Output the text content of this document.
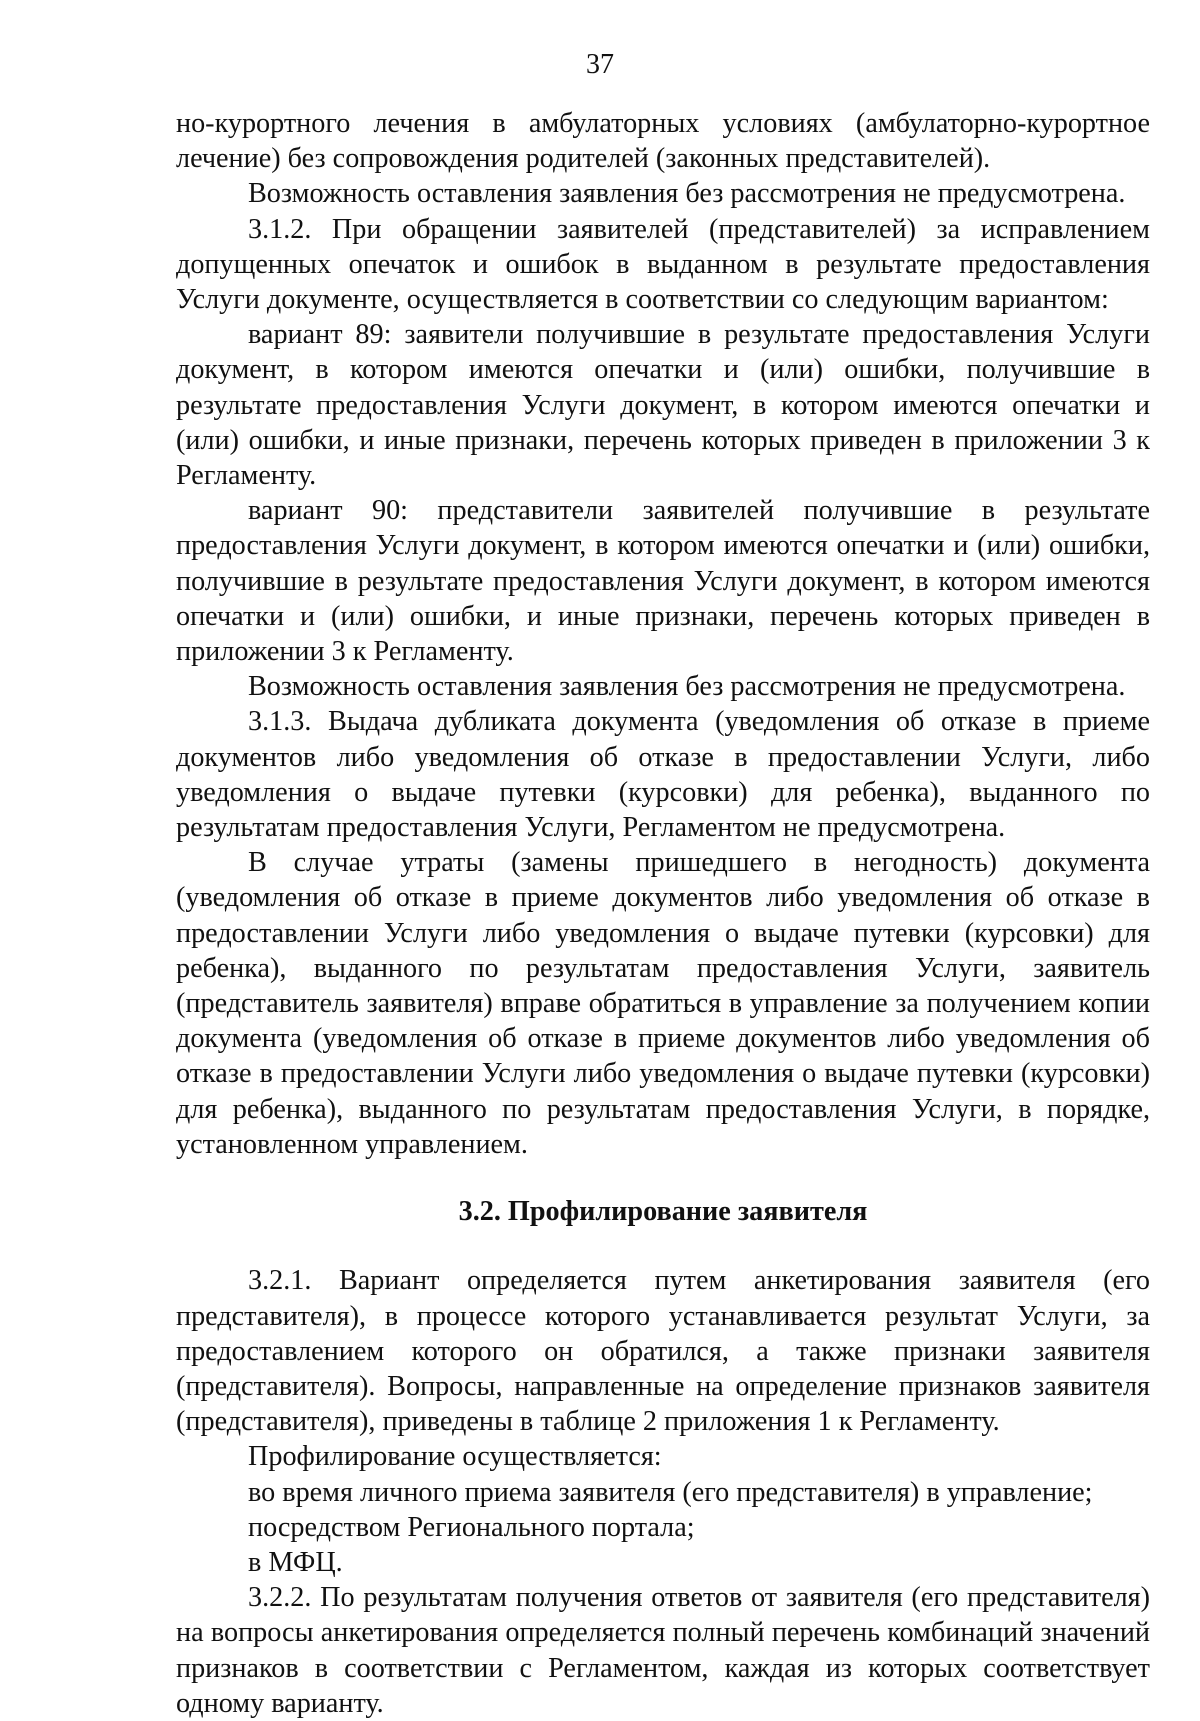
37

но-курортного лечения в амбулаторных условиях (амбулаторно-курортное лечение) без сопровождения родителей (законных представителей).

Возможность оставления заявления без рассмотрения не предусмотрена.

3.1.2. При обращении заявителей (представителей) за исправлением допущенных опечаток и ошибок в выданном в результате предоставления Услуги документе, осуществляется в соответствии со следующим вариантом:

вариант 89: заявители получившие в результате предоставления Услуги документ, в котором имеются опечатки и (или) ошибки, получившие в результате предоставления Услуги документ, в котором имеются опечатки и (или) ошибки, и иные признаки, перечень которых приведен в приложении 3 к Регламенту.

вариант 90: представители заявителей получившие в результате предоставления Услуги документ, в котором имеются опечатки и (или) ошибки, получившие в результате предоставления Услуги документ, в котором имеются опечатки и (или) ошибки, и иные признаки, перечень которых приведен в приложении 3 к Регламенту.

Возможность оставления заявления без рассмотрения не предусмотрена.

3.1.3. Выдача дубликата документа (уведомления об отказе в приеме документов либо уведомления об отказе в предоставлении Услуги, либо уведомления о выдаче путевки (курсовки) для ребенка), выданного по результатам предоставления Услуги, Регламентом не предусмотрена.

В случае утраты (замены пришедшего в негодность) документа (уведомления об отказе в приеме документов либо уведомления об отказе в предоставлении Услуги либо уведомления о выдаче путевки (курсовки) для ребенка), выданного по результатам предоставления Услуги, заявитель (представитель заявителя) вправе обратиться в управление за получением копии документа (уведомления об отказе в приеме документов либо уведомления об отказе в предоставлении Услуги либо уведомления о выдаче путевки (курсовки) для ребенка), выданного по результатам предоставления Услуги, в порядке, установленном управлением.

3.2. Профилирование заявителя

3.2.1. Вариант определяется путем анкетирования заявителя (его представителя), в процессе которого устанавливается результат Услуги, за предоставлением которого он обратился, а также признаки заявителя (представителя). Вопросы, направленные на определение признаков заявителя (представителя), приведены в таблице 2 приложения 1 к Регламенту.

Профилирование осуществляется:

во время личного приема заявителя (его представителя) в управление;

посредством Регионального портала;

в МФЦ.

3.2.2. По результатам получения ответов от заявителя (его представителя) на вопросы анкетирования определяется полный перечень комбинаций значений признаков в соответствии с Регламентом, каждая из которых соответствует одному варианту.
